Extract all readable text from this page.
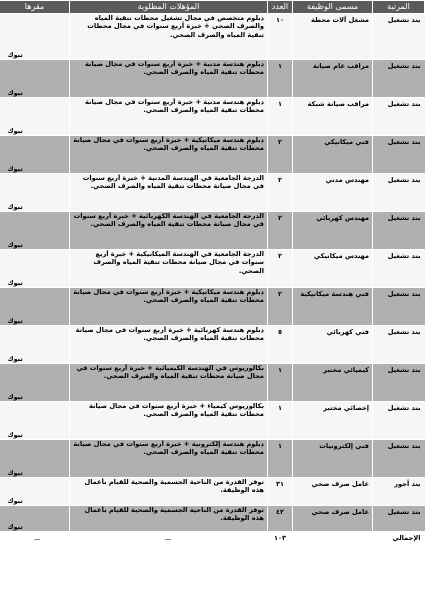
المرتبة	مسمى الوظيفة	العدد	المؤهلات المطلوبة	مقرها
بند تشغيل	مشغل آلات محطة	١٠	دبلوم متخصص في مجال تشغيل محطات تنقية المياه والصرف الصحي + خبرة أربع سنوات في مجال محطات تنقية المياه والصرف الصحي.	تبوك
بند تشغيل	مراقب عام صيانة	١	دبلوم هندسة مدنية + خبرة أربع سنوات في مجال صيانة محطات تنقية المياه والصرف الصحي.	تبوك
بند تشغيل	مراقب صيانة شبكة	١	دبلوم هندسة مدنية + خبرة أربع سنوات في مجال صيانة محطات تنقية المياه والصرف الصحي.	تبوك
بند تشغيل	فني ميكانيكي	٢	دبلوم هندسة ميكانيكية + خبرة أربع سنوات في مجال صيانة محطات تنقية المياه والصرف الصحي.	تبوك
بند تشغيل	مهندس مدني	٢	الدرجة الجامعية في الهندسة المدنية + خبرة أربع سنوات في مجال صيانة محطات تنقية المياه والصرف الصحي.	تبوك
بند تشغيل	مهندس كهربائي	٢	الدرجة الجامعية في الهندسة الكهربائية + خبرة أربع سنوات في مجال صيانة محطات تنقية المياه والصرف الصحي.	تبوك
بند تشغيل	مهندس ميكانيكي	٢	الدرجة الجامعية في الهندسة الميكانيكية + خبرة أربع سنوات في مجال صيانة محطات تنقية المياه والصرف الصحي.	تبوك
بند تشغيل	فني هندسة ميكانيكية	٢	دبلوم هندسة ميكانيكية + خبرة أربع سنوات في مجال صيانة محطات تنقية المياه والصرف الصحي.	تبوك
بند تشغيل	فني كهربائي	٥	دبلوم هندسة كهربائية + خبرة أربع سنوات في مجال صيانة محطات تنقية المياه والصرف الصحي.	تبوك
بند تشغيل	كيميائي مختبر	١	بكالوريوس في الهندسة الكيميائية + خبرة أربع سنوات في مجال صيانة محطات تنقية المياه والصرف الصحي.	تبوك
بند تشغيل	إخصائي مختبر	١	بكالوريوس كيمياء + خبرة أربع سنوات في مجال صيانة محطات تنقية المياه والصرف الصحي.	تبوك
بند تشغيل	فني إلكترونيات	١	دبلوم هندسة إلكترونية + خبرة أربع سنوات في مجال صيانة محطات تنقية المياه والصرف الصحي.	تبوك
بند أجور	عامل صرف صحي	٣١	توفر القدرة من الناحية الجسمية والصحية للقيام بأعمال هذه الوظيفة.	تبوك
بند تشغيل	عامل صرف صحي	٤٢	توفر القدرة من الناحية الجسمية والصحية للقيام بأعمال هذه الوظيفة.	تبوك
الإجمالي		١٠٣	ـــ	ـــ
